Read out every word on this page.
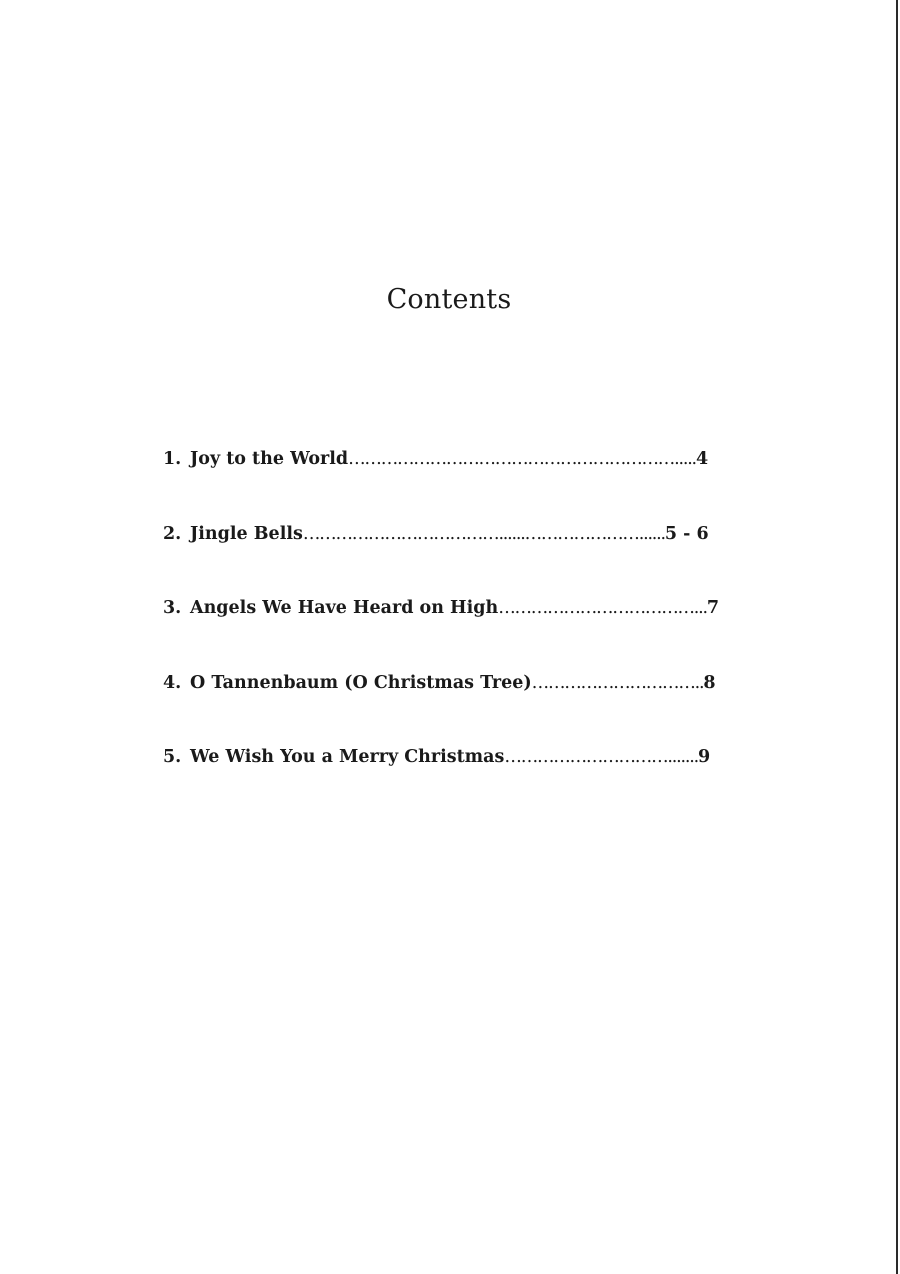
Contents
1. Joy to the World ……………………………………………………..... 4
2. Jingle Bells ………………………………......…………………...... 5 - 6
3. Angels We Have Heard on High ………………………………... 7
4. O Tannenbaum (O Christmas Tree) ………………………….. 8
5. We Wish You a Merry Christmas …………………………....... 9
